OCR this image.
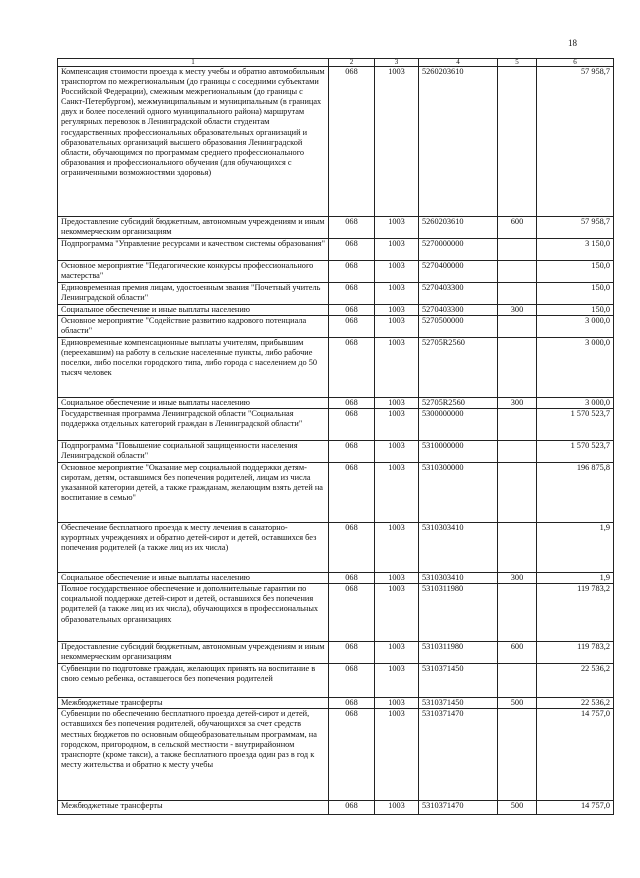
18
1	2	3	4	5	6
Компенсация стоимости проезда к месту учебы и обратно автомобильным транспортом по межрегиональным (до границы с соседними субъектами Российской Федерации), смежным межрегиональным (до границы с Санкт-Петербургом), межмуниципальным и муниципальным (в границах двух и более поселений одного муниципального района) маршрутам регулярных перевозок в Ленинградской области студентам государственных профессиональных образовательных организаций и образовательных организаций высшего образования Ленинградской области, обучающимся по программам среднего профессионального образования и профессионального обучения (для обучающихся с ограниченными возможностями здоровья)	068	1003	5260203610		57 958,7
Предоставление субсидий бюджетным, автономным учреждениям и иным некоммерческим организациям	068	1003	5260203610	600	57 958,7
Подпрограмма "Управление ресурсами и качеством системы образования"	068	1003	5270000000		3 150,0
Основное мероприятие "Педагогические конкурсы профессионального мастерства"	068	1003	5270400000		150,0
Единовременная премия лицам, удостоенным звания "Почетный учитель Ленинградской области"	068	1003	5270403300		150,0
Социальное обеспечение и иные выплаты населению	068	1003	5270403300	300	150,0
Основное мероприятие "Содействие развитию кадрового потенциала области"	068	1003	5270500000		3 000,0
Единовременные компенсационные выплаты учителям, прибывшим (переехавшим) на работу в сельские населенные пункты, либо рабочие поселки, либо поселки городского типа, либо города с населением до 50 тысяч человек	068	1003	52705R2560		3 000,0
Социальное обеспечение и иные выплаты населению	068	1003	52705R2560	300	3 000,0
Государственная программа Ленинградской области "Социальная поддержка отдельных категорий граждан в Ленинградской области"	068	1003	5300000000		1 570 523,7
Подпрограмма "Повышение социальной защищенности населения Ленинградской области"	068	1003	5310000000		1 570 523,7
Основное мероприятие "Оказание мер социальной поддержки детям-сиротам, детям, оставшимся без попечения родителей, лицам из числа указанной категории детей, а также гражданам, желающим взять детей на воспитание в семью"	068	1003	5310300000		196 875,8
Обеспечение бесплатного проезда к месту лечения в санаторно-курортных учреждениях и обратно детей-сирот и детей, оставшихся без попечения родителей (а также лиц из их числа)	068	1003	5310303410		1,9
Социальное обеспечение и иные выплаты населению	068	1003	5310303410	300	1,9
Полное государственное обеспечение и дополнительные гарантии по социальной поддержке детей-сирот и детей, оставшихся без попечения родителей (а также лиц из их числа), обучающихся в профессиональных образовательных организациях	068	1003	5310311980		119 783,2
Предоставление субсидий бюджетным, автономным учреждениям и иным некоммерческим организациям	068	1003	5310311980	600	119 783,2
Субвенции по подготовке граждан, желающих принять на воспитание в свою семью ребенка, оставшегося без попечения родителей	068	1003	5310371450		22 536,2
Межбюджетные трансферты	068	1003	5310371450	500	22 536,2
Субвенции по обеспечению бесплатного проезда детей-сирот и детей, оставшихся без попечения родителей, обучающихся за счет средств местных бюджетов по основным общеобразовательным программам, на городском, пригородном, в сельской местности - внутрирайонном транспорте (кроме такси), а также бесплатного проезда один раз в год к месту жительства и обратно к месту учебы	068	1003	5310371470		14 757,0
Межбюджетные трансферты	068	1003	5310371470	500	14 757,0
